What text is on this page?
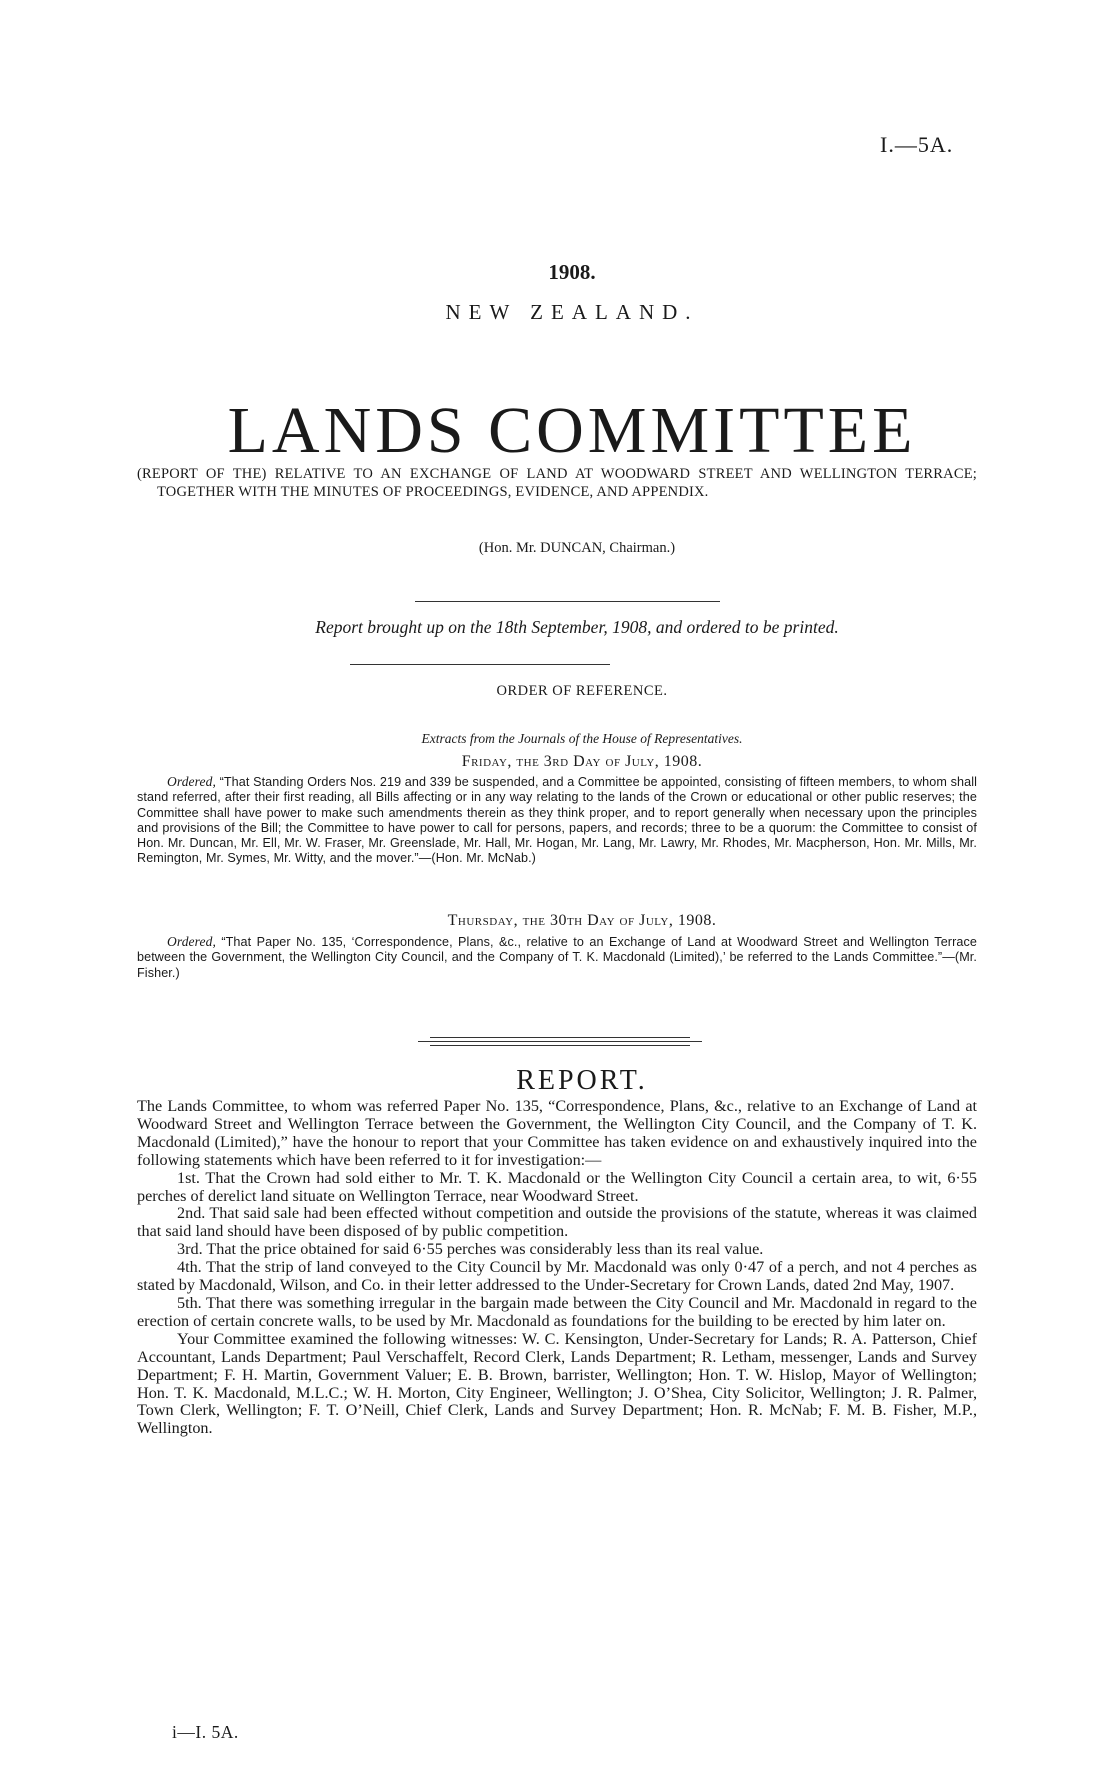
I.—5A.
1908.
NEW ZEALAND.
LANDS COMMITTEE
(REPORT OF THE) RELATIVE TO AN EXCHANGE OF LAND AT WOODWARD STREET AND WELLINGTON TERRACE; TOGETHER WITH THE MINUTES OF PROCEEDINGS, EVIDENCE, AND APPENDIX.
(Hon. Mr. DUNCAN, Chairman.)
Report brought up on the 18th September, 1908, and ordered to be printed.
ORDER OF REFERENCE.
Extracts from the Journals of the House of Representatives.
Friday, the 3rd Day of July, 1908.
Ordered, “That Standing Orders Nos. 219 and 339 be suspended, and a Committee be appointed, consisting of fifteen members, to whom shall stand referred, after their first reading, all Bills affecting or in any way relating to the lands of the Crown or educational or other public reserves; the Committee shall have power to make such amendments therein as they think proper, and to report generally when necessary upon the principles and provisions of the Bill; the Committee to have power to call for persons, papers, and records; three to be a quorum: the Committee to consist of Hon. Mr. Duncan, Mr. Ell, Mr. W. Fraser, Mr. Greenslade, Mr. Hall, Mr. Hogan, Mr. Lang, Mr. Lawry, Mr. Rhodes, Mr. Macpherson, Hon. Mr. Mills, Mr. Remington, Mr. Symes, Mr. Witty, and the mover.”—(Hon. Mr. McNab.)
Thursday, the 30th Day of July, 1908.
Ordered, “That Paper No. 135, ‘Correspondence, Plans, &c., relative to an Exchange of Land at Woodward Street and Wellington Terrace between the Government, the Wellington City Council, and the Company of T. K. Macdonald (Limited),’ be referred to the Lands Committee.”—(Mr. Fisher.)
REPORT.

The Lands Committee, to whom was referred Paper No. 135, “Correspondence, Plans, &c., relative to an Exchange of Land at Woodward Street and Wellington Terrace between the Government, the Wellington City Council, and the Company of T. K. Macdonald (Limited),” have the honour to report that your Committee has taken evidence on and exhaustively inquired into the following statements which have been referred to it for investigation:—

1st. That the Crown had sold either to Mr. T. K. Macdonald or the Wellington City Council a certain area, to wit, 6·55 perches of derelict land situate on Wellington Terrace, near Woodward Street.

2nd. That said sale had been effected without competition and outside the provisions of the statute, whereas it was claimed that said land should have been disposed of by public competition.

3rd. That the price obtained for said 6·55 perches was considerably less than its real value.

4th. That the strip of land conveyed to the City Council by Mr. Macdonald was only 0·47 of a perch, and not 4 perches as stated by Macdonald, Wilson, and Co. in their letter addressed to the Under-Secretary for Crown Lands, dated 2nd May, 1907.

5th. That there was something irregular in the bargain made between the City Council and Mr. Macdonald in regard to the erection of certain concrete walls, to be used by Mr. Macdonald as foundations for the building to be erected by him later on.

Your Committee examined the following witnesses: W. C. Kensington, Under-Secretary for Lands; R. A. Patterson, Chief Accountant, Lands Department; Paul Verschaffelt, Record Clerk, Lands Department; R. Letham, messenger, Lands and Survey Department; F. H. Martin, Government Valuer; E. B. Brown, barrister, Wellington; Hon. T. W. Hislop, Mayor of Wellington; Hon. T. K. Macdonald, M.L.C.; W. H. Morton, City Engineer, Wellington; J. O’Shea, City Solicitor, Wellington; J. R. Palmer, Town Clerk, Wellington; F. T. O’Neill, Chief Clerk, Lands and Survey Department; Hon. R. McNab; F. M. B. Fisher, M.P., Wellington.

i—I. 5A.
